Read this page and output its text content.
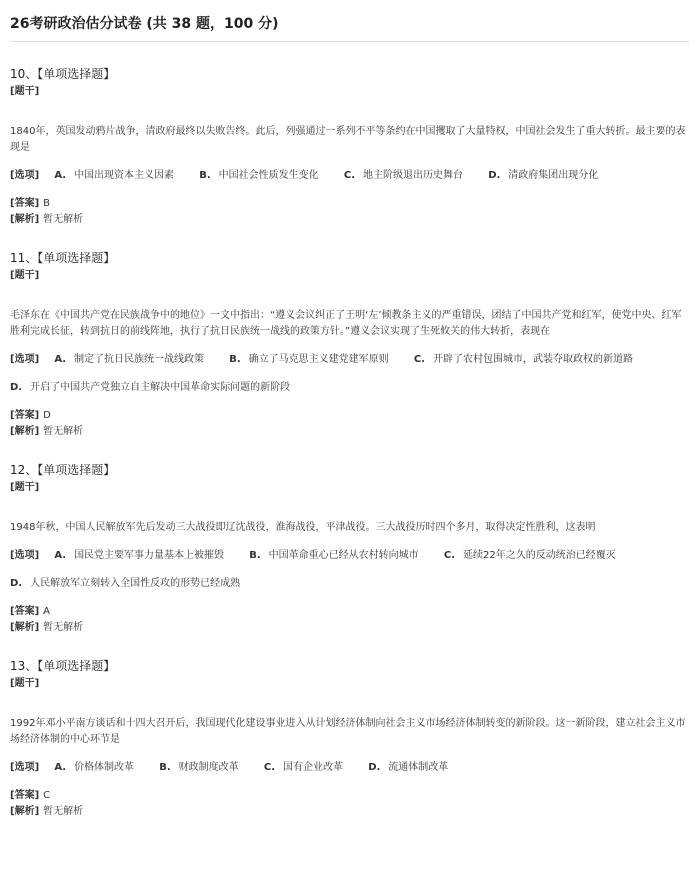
26考研政治估分试卷 (共 38 题，100 分)
10、【单项选择题】
[题干]
1840年，英国发动鸦片战争，清政府最终以失败告终。此后，列强通过一系列不平等条约在中国攫取了大量特权，中国社会发生了重大转折。最主要的表现是
[选项] A. 中国出现资本主义因素	B. 中国社会性质发生变化	C. 地主阶级退出历史舞台	D. 清政府集团出现分化
[答案] B
[解析] 暂无解析
11、【单项选择题】
[题干]
毛泽东在《中国共产党在民族战争中的地位》一文中指出：“遵义会议纠正了王明‘左’倾教条主义的严重错误，团结了中国共产党和红军，使党中央、红军胜利完成长征，转到抗日的前线阵地，执行了抗日民族统一战线的政策方针。”遵义会议实现了生死攸关的伟大转折，表现在
[选项] A. 制定了抗日民族统一战线政策	B. 确立了马克思主义建党建军原则	C. 开辟了农村包围城市，武装夺取政权的新道路
D. 开启了中国共产党独立自主解决中国革命实际问题的新阶段
[答案] D
[解析] 暂无解析
12、【单项选择题】
[题干]
1948年秋，中国人民解放军先后发动三大战役即辽沈战役，淮海战役，平津战役。三大战役历时四个多月，取得决定性胜利，这表明
[选项] A. 国民党主要军事力量基本上被摧毁	B. 中国革命重心已经从农村转向城市	C. 延续22年之久的反动统治已经覆灭
D. 人民解放军立刻转入全国性反攻的形势已经成熟
[答案] A
[解析] 暂无解析
13、【单项选择题】
[题干]
1992年邓小平南方谈话和十四大召开后，我国现代化建设事业进入从计划经济体制向社会主义市场经济体制转变的新阶段。这一新阶段，建立社会主义市场经济体制的中心环节是
[选项] A. 价格体制改革	B. 财政制度改革	C. 国有企业改革	D. 流通体制改革
[答案] C
[解析] 暂无解析
